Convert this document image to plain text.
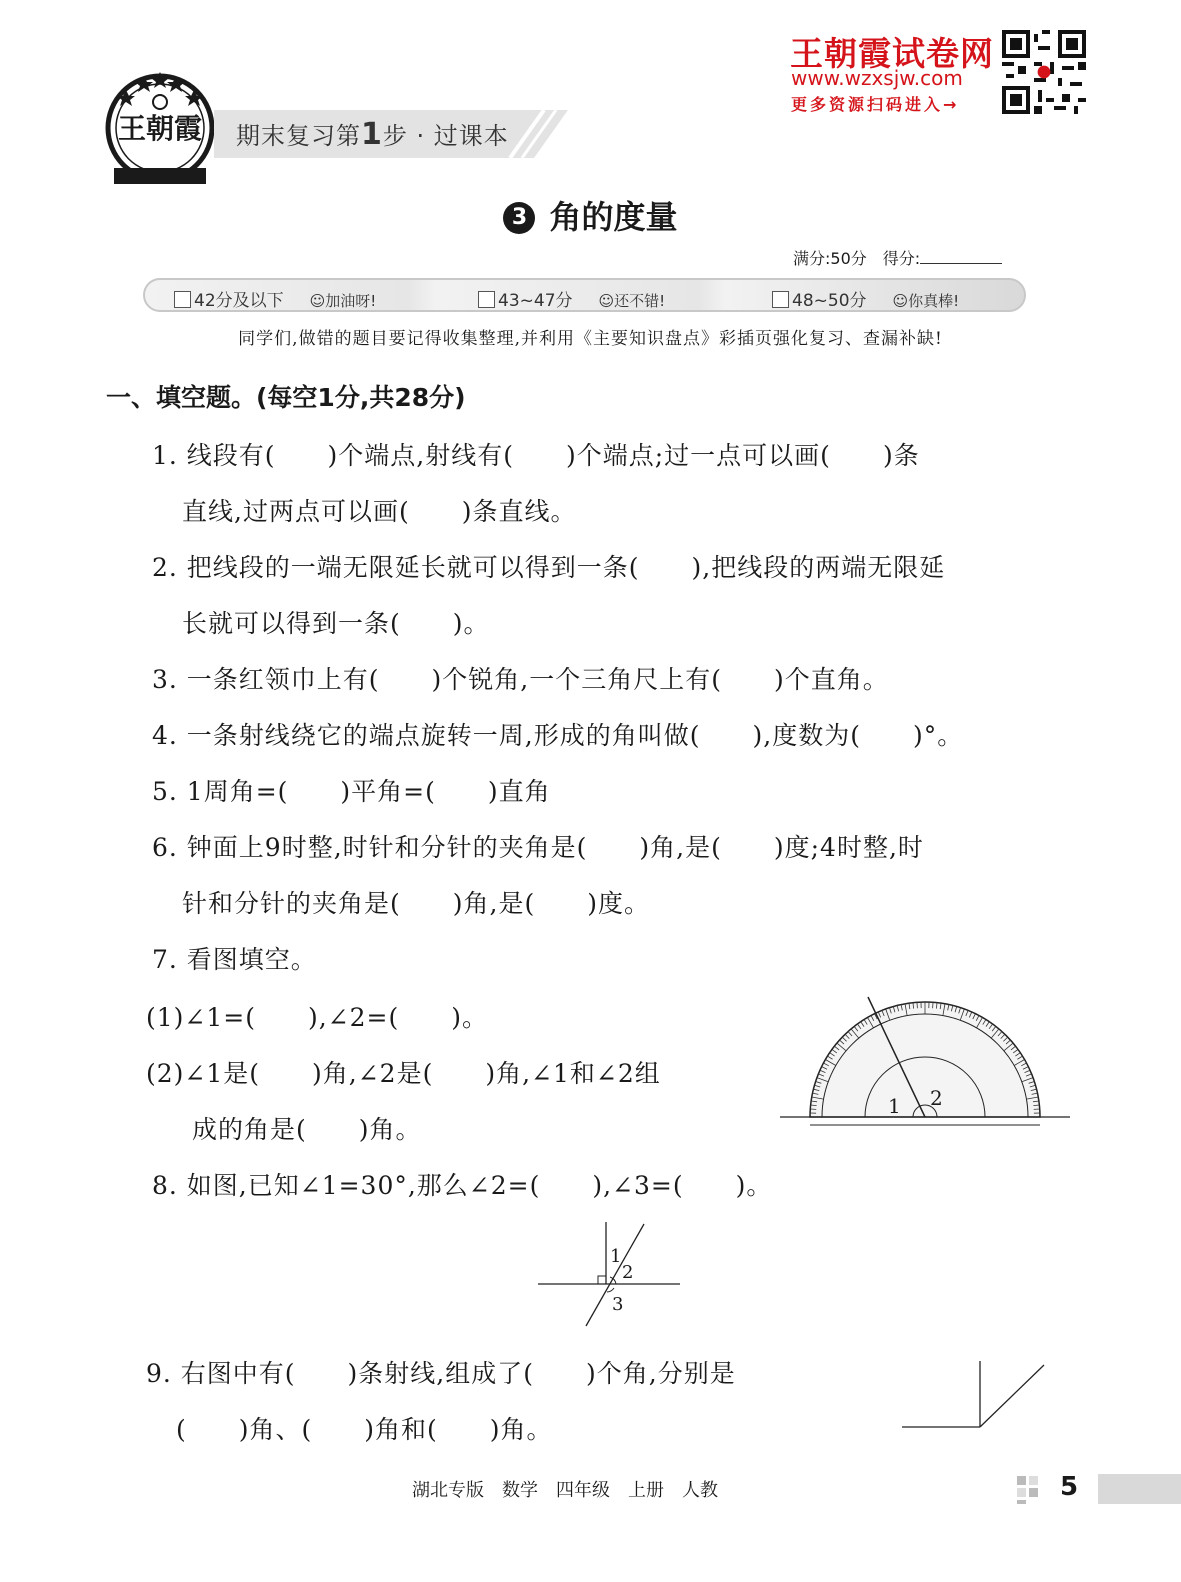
王朝霞 期末复习第1步 · 过课本
王朝霞试卷网
www.wzxsjw.com
更多资源扫码进入→
3 角的度量
满分:50分　 得分:
42分及以下 ☺加油呀!	43~47分 ☺还不错!	48~50分 ☺你真棒!
同学们,做错的题目要记得收集整理,并利用《主要知识盘点》彩插页强化复习、查漏补缺!
一、填空题。(每空1分,共28分)
1. 线段有(　　)个端点,射线有(　　)个端点;过一点可以画(　　)条
直线,过两点可以画(　　)条直线。
2. 把线段的一端无限延长就可以得到一条(　　),把线段的两端无限延
长就可以得到一条(　　)。
3. 一条红领巾上有(　　)个锐角,一个三角尺上有(　　)个直角。
4. 一条射线绕它的端点旋转一周,形成的角叫做(　　),度数为(　　)°。
5. 1周角=(　　)平角=(　　)直角
6. 钟面上9时整,时针和分针的夹角是(　　)角,是(　　)度;4时整,时
针和分针的夹角是(　　)角,是(　　)度。
7. 看图填空。
(1)∠1=(　　),∠2=(　　)。
(2)∠1是(　　)角,∠2是(　　)角,∠1和∠2组
成的角是(　　)角。
8. 如图,已知∠1=30°,那么∠2=(　　),∠3=(　　)。
9. 右图中有(　　)条射线,组成了(　　)个角,分别是
(　　)角、(　　)角和(　　)角。
1 2
1
2
3
湖北专版　数学　四年级　上册　人教	5
